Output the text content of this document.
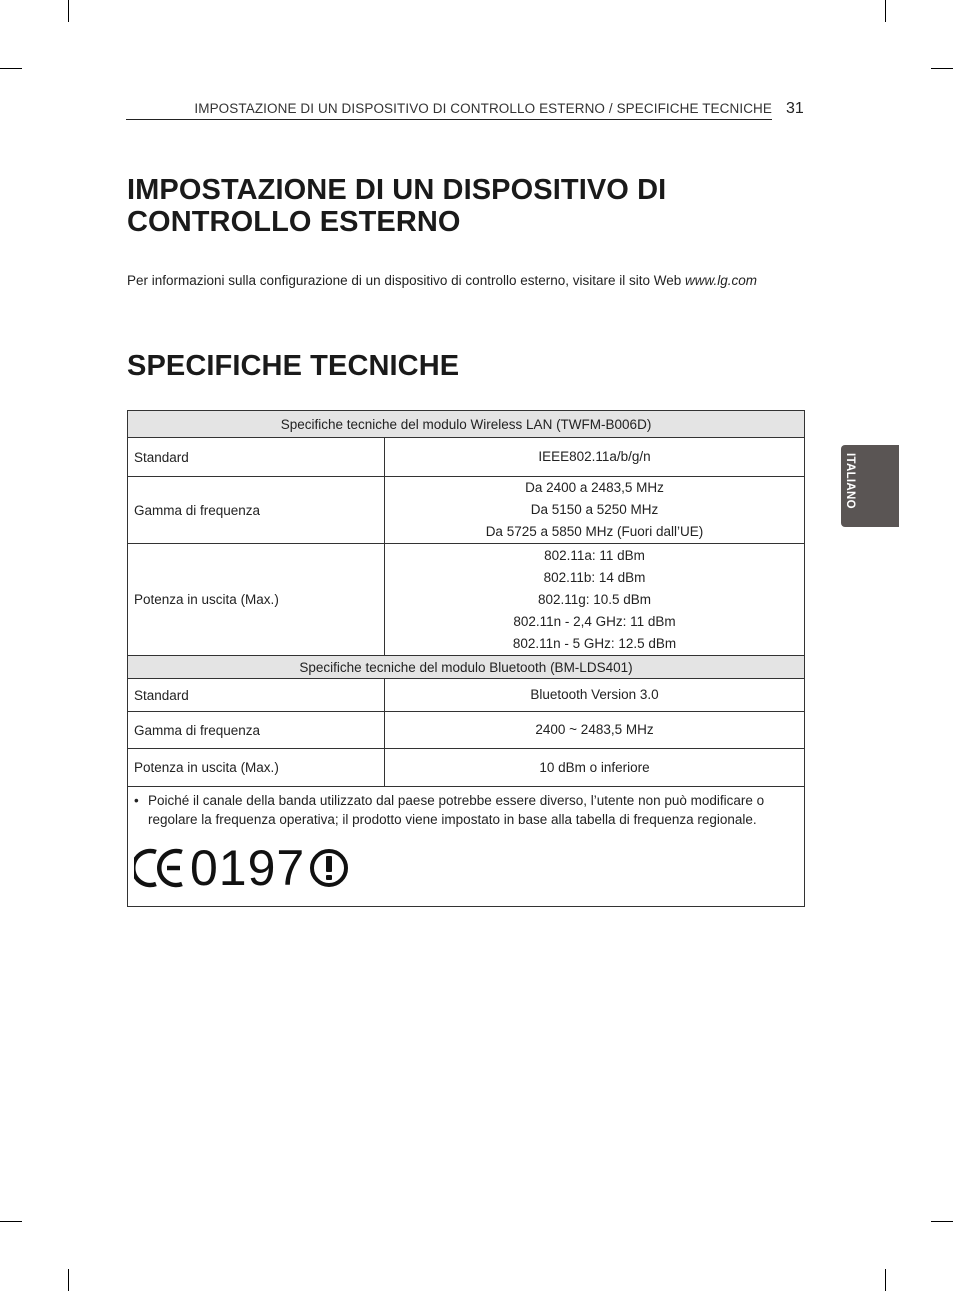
IMPOSTAZIONE DI UN DISPOSITIVO DI CONTROLLO ESTERNO / SPECIFICHE TECNICHE 31
IMPOSTAZIONE DI UN DISPOSITIVO DI CONTROLLO ESTERNO
Per informazioni sulla configurazione di un dispositivo di controllo esterno, visitare il sito Web www.lg.com
SPECIFICHE TECNICHE
ITALIANO
Specifiche tecniche del modulo Wireless LAN (TWFM-B006D)	
Standard	IEEE802.11a/b/g/n

Gamma di frequenza	Da 2400 a 2483,5 MHz
Da 5150 a 5250 MHz
Da 5725 a 5850 MHz (Fuori dall’UE)

Potenza in uscita (Max.)	802.11a: 11 dBm
802.11b: 14 dBm
802.11g: 10.5 dBm
802.11n - 2,4 GHz: 11 dBm
802.11n - 5 GHz: 12.5 dBm

Specifiche tecniche del modulo Bluetooth (BM-LDS401)	
Standard	Bluetooth Version 3.0

Gamma di frequenza	2400 ~ 2483,5 MHz

Potenza in uscita (Max.)	10 dBm o inferiore

• Poiché il canale della banda utilizzato dal paese potrebbe essere diverso, l’utente non può modificare o regolare la frequenza operativa; il prodotto viene impostato in base alla tabella di frequenza regionale.
0197	
